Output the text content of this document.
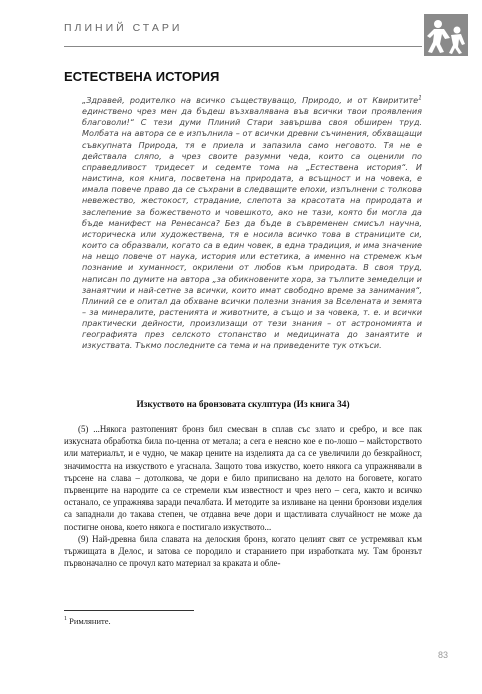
ПЛИНИЙ СТАРИ
ЕСТЕСТВЕНА ИСТОРИЯ

„Здравей, родителко на всичко съществуващо, Природо, и от Квиритите$^1$ единствено чрез мен да бъдеш възхвалявана във всички твои проявления благоволи!“ С тези думи Плиний Стари завършва своя обширен труд. Молбата на автора се е изпълнила – от всички древни съчинения, обхващащи съвкупната Природа, тя е приела и запазила само неговото. Тя не е действала сляпо, а чрез своите разумни чеда, които са оценили по справедливост тридесет и седемте тома на „Естествена история“. И наистина, коя книга, посветена на природата, а всъщност и на човека, е имала повече право да се съхрани в следващите епохи, изпълнени с толкова невежество, жестокост, страдание, слепота за красотата на природата и заслепение за божественото и човешкото, ако не тази, която би могла да бъде манифест на Ренесанса? Без да бъде в съвременен смисъл научна, историческа или художествена, тя е носила всичко това в страниците си, които са образвали, когато са в един човек, в една традиция, и има значение на нещо повече от наука, история или естетика, а именно на стремеж към познание и хуманност, окрилени от любов към природата. В своя труд, написан по думите на автора „за обикновените хора, за тълпите земеделци и занаятчии и най-сетне за всички, които имат свободно време за занимания“, Плиний се е опитал да обхване всички полезни знания за Вселената и земята – за минералите, растенията и животните, а също и за човека, т. е. и всички практически дейности, произлизащи от тези знания – от астрономията и географията през селското стопанство и медицината до занаятите и изкуствата. Тъкмо последните са тема и на приведените тук откъси.

Изкуството на бронзовата скулптура (Из книга 34)

(5) ...Някога разтопеният бронз бил смесван в сплав със злато и сребро, и все пак изкусната обработка била по-ценна от метала; а сега е неясно кое е по-лошо – майсторството или материалът, и е чудно, че макар цените на изделията да са се увеличили до безкрайност, значимостта на изкуството е угаснала. Защото това изкуство, което някога са упражнявали в търсене на слава – дотолкова, че дори е било приписвано на делото на боговете, когато първенците на народите са се стремели към известност и чрез него – сега, както и всичко останало, се упражнява заради печалбата. И методите за изливане на ценни бронзови изделия са западнали до такава степен, че отдавна вече дори и щастливата случайност не може да постигне онова, което някога е постигало изкуството...

(9) Най-древна била славата на делоския бронз, когато целият свят се устремявал към тържищата в Делос, и затова се породило и старанието при изработката му. Там бронзът първоначално се прочул като материал за краката и обле-

$^1$ Римляните.
83
